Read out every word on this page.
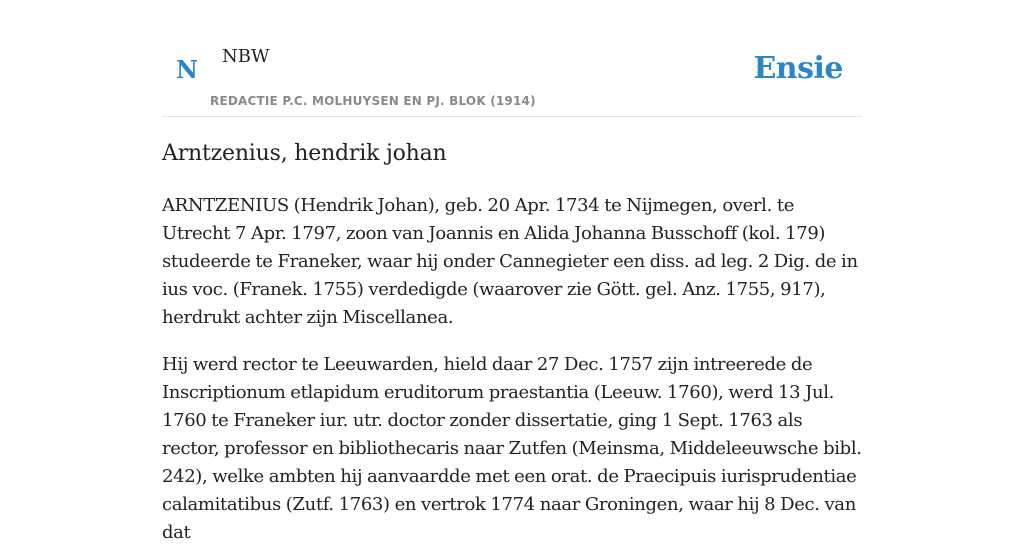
N NBW
REDACTIE P.C. MOLHUYSEN EN PJ. BLOK (1914)
Ensie
Arntzenius, hendrik johan

ARNTZENIUS (Hendrik Johan), geb. 20 Apr. 1734 te Nijmegen, overl. te Utrecht 7 Apr. 1797, zoon van Joannis en Alida Johanna Busschoff (kol. 179) studeerde te Franeker, waar hij onder Cannegieter een diss. ad leg. 2 Dig. de in ius voc. (Franek. 1755) verdedigde (waarover zie Gött. gel. Anz. 1755, 917), herdrukt achter zijn Miscellanea.

Hij werd rector te Leeuwarden, hield daar 27 Dec. 1757 zijn intreerede de Inscriptionum etlapidum eruditorum praestantia (Leeuw. 1760), werd 13 Jul. 1760 te Franeker iur. utr. doctor zonder dissertatie, ging 1 Sept. 1763 als rector, professor en bibliothecaris naar Zutfen (Meinsma, Middeleeuwsche bibl. 242), welke ambten hij aanvaardde met een orat. de Praecipuis iurisprudentiae calamitatibus (Zutf. 1763) en vertrok 1774 naar Groningen, waar hij 8 Dec. van dat
